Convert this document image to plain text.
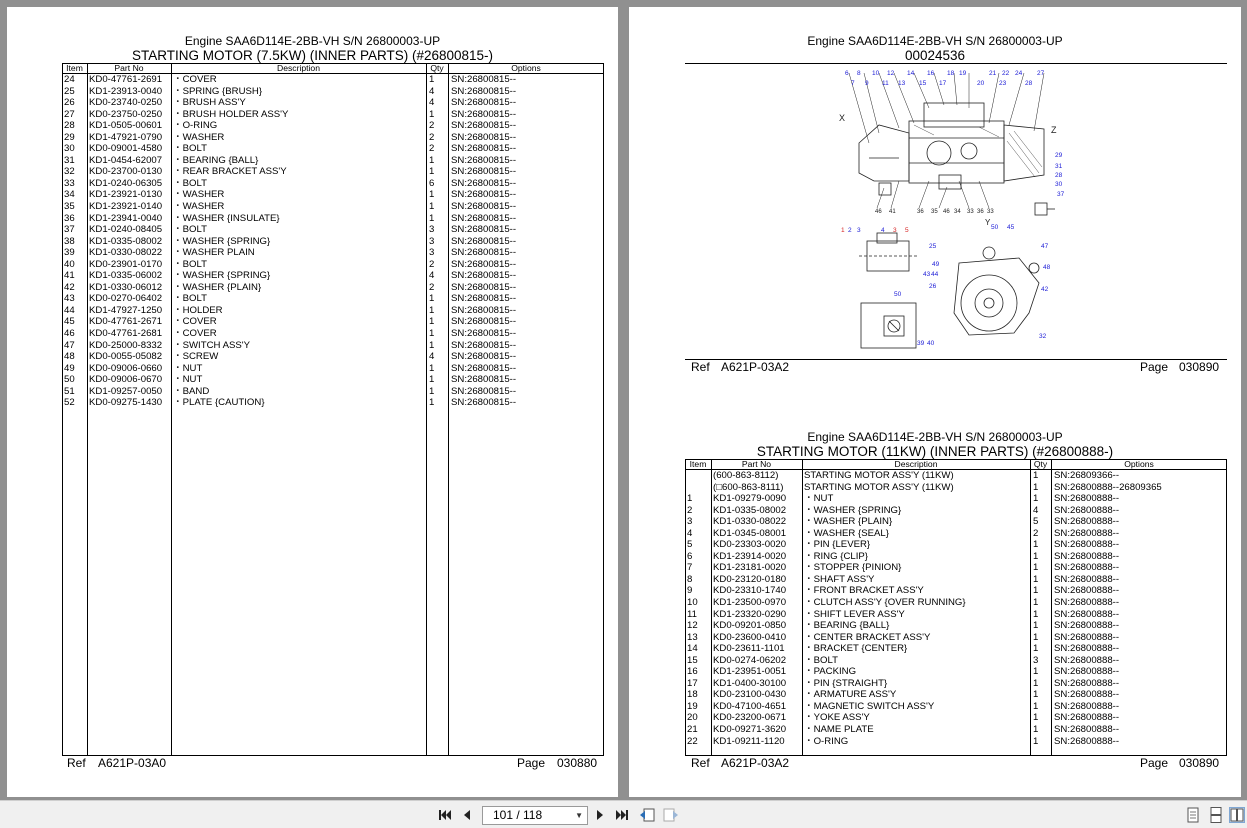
Engine SAA6D114E-2BB-VH S/N 26800003-UP
STARTING MOTOR (7.5KW) (INNER PARTS) (#26800815-)
Item	Part No	Description	Qty	Options
24	KD0-47761-2691	・COVER	1	SN:26800815--
25	KD1-23913-0040	・SPRING {BRUSH}	4	SN:26800815--
26	KD0-23740-0250	・BRUSH ASS'Y	4	SN:26800815--
27	KD0-23750-0250	・BRUSH HOLDER ASS'Y	1	SN:26800815--
28	KD1-0505-00601	・O-RING	2	SN:26800815--
29	KD1-47921-0790	・WASHER	2	SN:26800815--
30	KD0-09001-4580	・BOLT	2	SN:26800815--
31	KD1-0454-62007	・BEARING {BALL}	1	SN:26800815--
32	KD0-23700-0130	・REAR BRACKET ASS'Y	1	SN:26800815--
33	KD1-0240-06305	・BOLT	6	SN:26800815--
34	KD1-23921-0130	・WASHER	1	SN:26800815--
35	KD1-23921-0140	・WASHER	1	SN:26800815--
36	KD1-23941-0040	・WASHER {INSULATE}	1	SN:26800815--
37	KD1-0240-08405	・BOLT	3	SN:26800815--
38	KD1-0335-08002	・WASHER {SPRING}	3	SN:26800815--
39	KD1-0330-08022	・WASHER PLAIN	3	SN:26800815--
40	KD0-23901-0170	・BOLT	2	SN:26800815--
41	KD1-0335-06002	・WASHER {SPRING}	4	SN:26800815--
42	KD1-0330-06012	・WASHER {PLAIN}	2	SN:26800815--
43	KD0-0270-06402	・BOLT	1	SN:26800815--
44	KD1-47927-1250	・HOLDER	1	SN:26800815--
45	KD0-47761-2671	・COVER	1	SN:26800815--
46	KD0-47761-2681	・COVER	1	SN:26800815--
47	KD0-25000-8332	・SWITCH ASS'Y	1	SN:26800815--
48	KD0-0055-05082	・SCREW	4	SN:26800815--
49	KD0-09006-0660	・NUT	1	SN:26800815--
50	KD0-09006-0670	・NUT	1	SN:26800815--
51	KD1-09257-0050	・BAND	1	SN:26800815--
52	KD0-09275-1430	・PLATE {CAUTION}	1	SN:26800815--
Ref A621P-03A0	Page 030880
Engine SAA6D114E-2BB-VH S/N 26800003-UP
00024536
6 8 10 12 14 16 18 19	21 22 24 27
7 9 11 13 15 17	20 23	28
29
31
28
30
37
1 2 3	4 3 5	50 45
25	47
49	48
43 44
26	42
50
32
39 40
46 41	36 35 46 34 33 36 33
X
Z
Y
Ref A621P-03A2	Page 030890
Engine SAA6D114E-2BB-VH S/N 26800003-UP
STARTING MOTOR (11KW) (INNER PARTS) (#26800888-)
Item	Part No	Description	Qty	Options
	(600-863-8112)	STARTING MOTOR ASS'Y (11KW)	1	SN:26809366--
	(□600-863-8111)	STARTING MOTOR ASS'Y (11KW)	1	SN:26800888--26809365
1	KD1-09279-0090	・NUT	1	SN:26800888--
2	KD1-0335-08002	・WASHER {SPRING}	4	SN:26800888--
3	KD1-0330-08022	・WASHER {PLAIN}	5	SN:26800888--
4	KD1-0345-08001	・WASHER {SEAL}	2	SN:26800888--
5	KD0-23303-0020	・PIN {LEVER}	1	SN:26800888--
6	KD1-23914-0020	・RING {CLIP}	1	SN:26800888--
7	KD1-23181-0020	・STOPPER {PINION}	1	SN:26800888--
8	KD0-23120-0180	・SHAFT ASS'Y	1	SN:26800888--
9	KD0-23310-1740	・FRONT BRACKET ASS'Y	1	SN:26800888--
10	KD1-23500-0970	・CLUTCH ASS'Y {OVER RUNNING}	1	SN:26800888--
11	KD1-23320-0290	・SHIFT LEVER ASS'Y	1	SN:26800888--
12	KD0-09201-0850	・BEARING {BALL}	1	SN:26800888--
13	KD0-23600-0410	・CENTER BRACKET ASS'Y	1	SN:26800888--
14	KD0-23611-1101	・BRACKET {CENTER}	1	SN:26800888--
15	KD0-0274-06202	・BOLT	3	SN:26800888--
16	KD1-23951-0051	・PACKING	1	SN:26800888--
17	KD1-0400-30100	・PIN {STRAIGHT}	1	SN:26800888--
18	KD0-23100-0430	・ARMATURE ASS'Y	1	SN:26800888--
19	KD0-47100-4651	・MAGNETIC SWITCH ASS'Y	1	SN:26800888--
20	KD0-23200-0671	・YOKE ASS'Y	1	SN:26800888--
21	KD0-09271-3620	・NAME PLATE	1	SN:26800888--
22	KD1-09211-1120	・O-RING	1	SN:26800888--
Ref A621P-03A2	Page 030890
101 / 118	▼
